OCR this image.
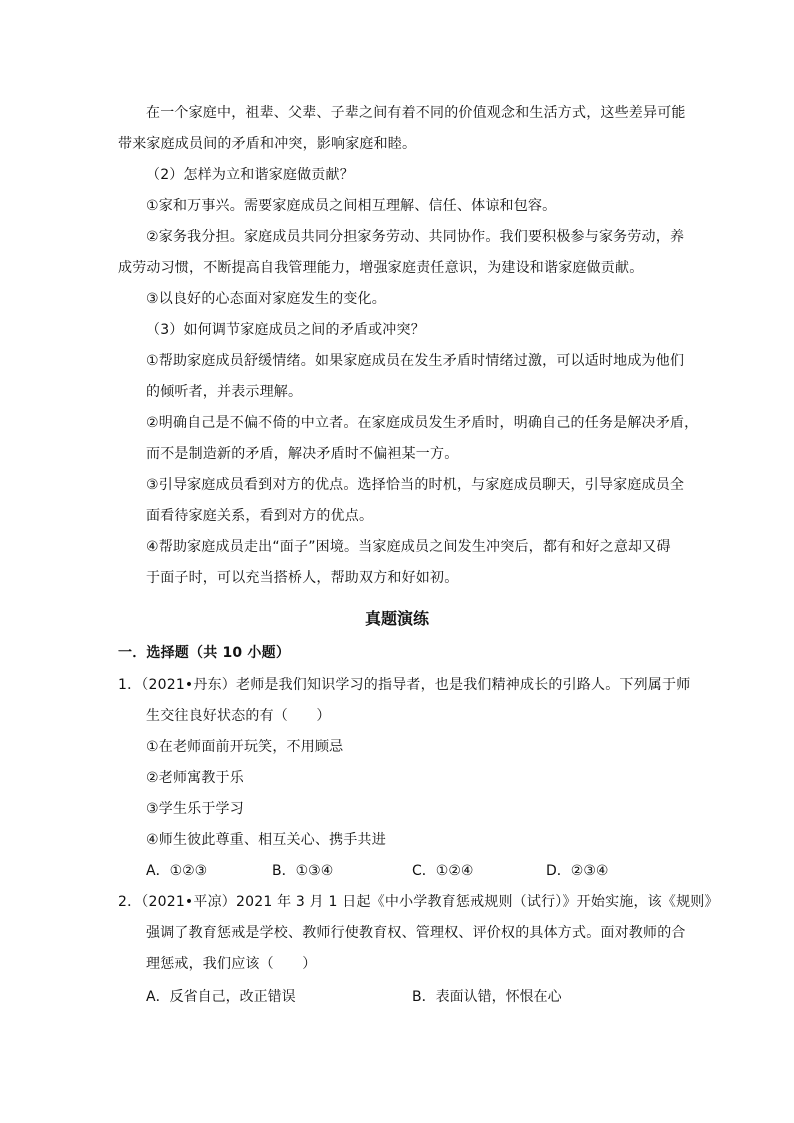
在一个家庭中，祖辈、父辈、子辈之间有着不同的价值观念和生活方式，这些差异可能
带来家庭成员间的矛盾和冲突，影响家庭和睦。
（2）怎样为立和谐家庭做贡献？
①家和万事兴。需要家庭成员之间相互理解、信任、体谅和包容。
②家务我分担。家庭成员共同分担家务劳动、共同协作。我们要积极参与家务劳动，养
成劳动习惯，不断提高自我管理能力，增强家庭责任意识，为建设和谐家庭做贡献。
③以良好的心态面对家庭发生的变化。
（3）如何调节家庭成员之间的矛盾或冲突？
①帮助家庭成员舒缓情绪。如果家庭成员在发生矛盾时情绪过激，可以适时地成为他们
的倾听者，并表示理解。
②明确自己是不偏不倚的中立者。在家庭成员发生矛盾时，明确自己的任务是解决矛盾，
而不是制造新的矛盾，解决矛盾时不偏袒某一方。
③引导家庭成员看到对方的优点。选择恰当的时机，与家庭成员聊天，引导家庭成员全
面看待家庭关系，看到对方的优点。
④帮助家庭成员走出“面子”困境。当家庭成员之间发生冲突后，都有和好之意却又碍
于面子时，可以充当搭桥人，帮助双方和好如初。
真题演练
一．选择题（共 10 小题）
1．（2021•丹东）老师是我们知识学习的指导者，也是我们精神成长的引路人。下列属于师
生交往良好状态的有（　　）
①在老师面前开玩笑，不用顾忌
②老师寓教于乐
③学生乐于学习
④师生彼此尊重、相互关心、携手共进
A．①②③	B．①③④	C．①②④	D．②③④
2．（2021•平凉）2021 年 3 月 1 日起《中小学教育惩戒规则（试行）》开始实施，该《规则》
强调了教育惩戒是学校、教师行使教育权、管理权、评价权的具体方式。面对教师的合
理惩戒，我们应该（　　）
A．反省自己，改正错误	B．表面认错，怀恨在心
